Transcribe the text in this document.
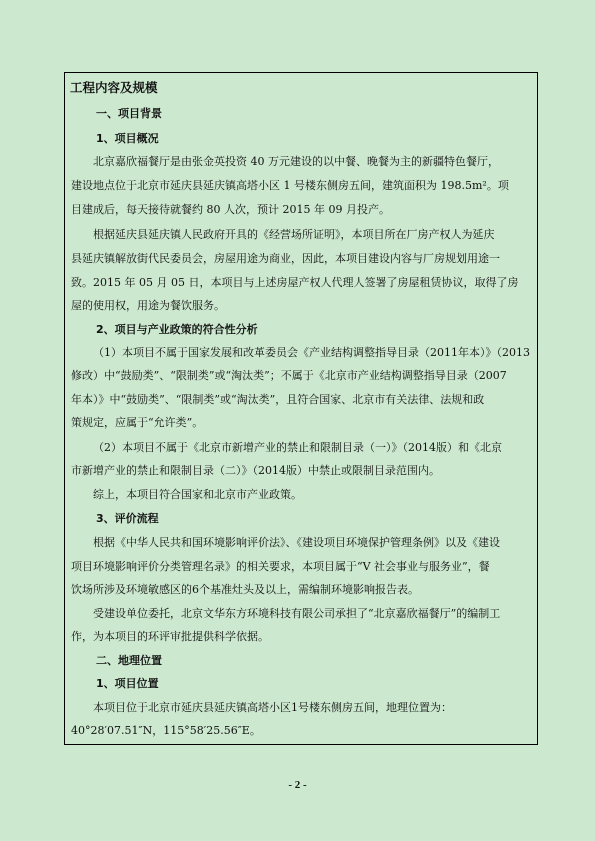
工程内容及规模
一、项目背景
1、项目概况
北京嘉欣福餐厅是由张金英投资 40 万元建设的以中餐、晚餐为主的新疆特色餐厅，
建设地点位于北京市延庆县延庆镇高塔小区 1 号楼东侧房五间，建筑面积为 198.5m²。项
目建成后，每天接待就餐约 80 人次，预计 2015 年 09 月投产。
根据延庆县延庆镇人民政府开具的《经营场所证明》，本项目所在厂房产权人为延庆
县延庆镇解放街代民委员会，房屋用途为商业，因此，本项目建设内容与厂房规划用途一
致。2015 年 05 月 05 日，本项目与上述房屋产权人代理人签署了房屋租赁协议，取得了房
屋的使用权，用途为餐饮服务。
2、项目与产业政策的符合性分析
（1）本项目不属于国家发展和改革委员会《产业结构调整指导目录（2011年本）》（2013
修改）中“鼓励类”、“限制类”或“淘汰类”；不属于《北京市产业结构调整指导目录（2007
年本）》中“鼓励类”、“限制类”或“淘汰类”，且符合国家、北京市有关法律、法规和政
策规定，应属于“允许类”。
（2）本项目不属于《北京市新增产业的禁止和限制目录（一）》（2014版）和《北京
市新增产业的禁止和限制目录（二）》（2014版）中禁止或限制目录范围内。
综上，本项目符合国家和北京市产业政策。
3、评价流程
根据《中华人民共和国环境影响评价法》、《建设项目环境保护管理条例》以及《建设
项目环境影响评价分类管理名录》的相关要求，本项目属于“V 社会事业与服务业”，餐
饮场所涉及环境敏感区的6个基准灶头及以上，需编制环境影响报告表。
受建设单位委托，北京文华东方环境科技有限公司承担了“北京嘉欣福餐厅”的编制工
作，为本项目的环评审批提供科学依据。
二、地理位置
1、项目位置
本项目位于北京市延庆县延庆镇高塔小区1号楼东侧房五间，地理位置为：
40°28′07.51″N，115°58′25.56″E。
- 2 -
